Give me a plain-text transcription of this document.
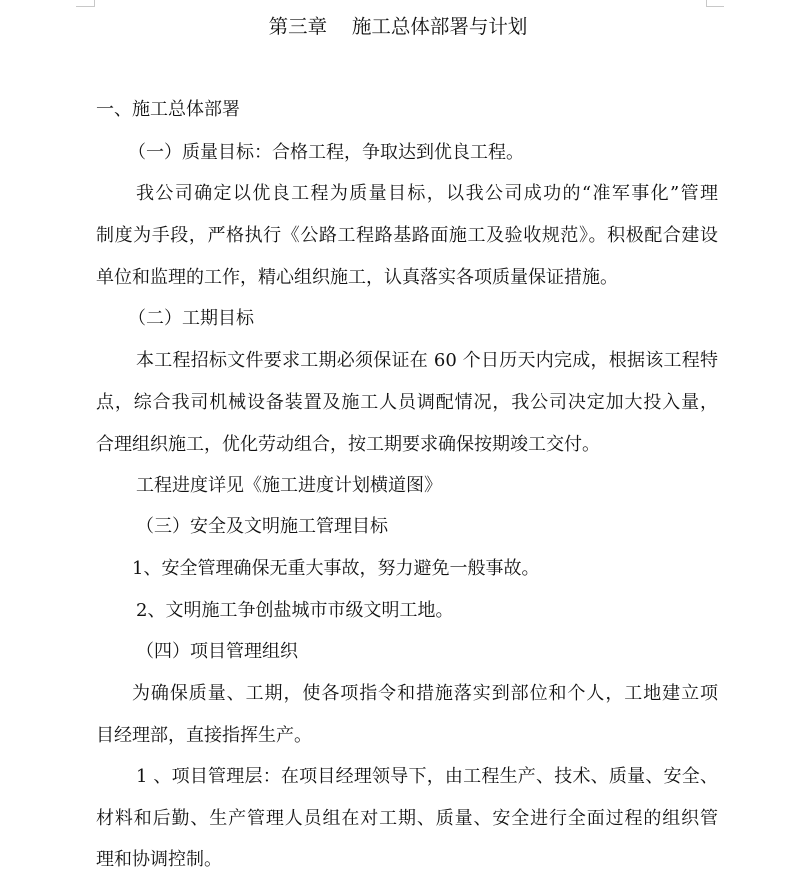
第三章    施工总体部署与计划
一、施工总体部署
（一）质量目标：合格工程，争取达到优良工程。
我公司确定以优良工程为质量目标，以我公司成功的“准军事化”管理
制度为手段，严格执行《公路工程路基路面施工及验收规范》。积极配合建设
单位和监理的工作，精心组织施工，认真落实各项质量保证措施。
（二）工期目标
本工程招标文件要求工期必须保证在 60 个日历天内完成，根据该工程特
点，综合我司机械设备装置及施工人员调配情况，我公司决定加大投入量，
合理组织施工，优化劳动组合，按工期要求确保按期竣工交付。
工程进度详见《施工进度计划横道图》
（三）安全及文明施工管理目标
1、安全管理确保无重大事故，努力避免一般事故。
2、文明施工争创盐城市市级文明工地。
（四）项目管理组织
为确保质量、工期，使各项指令和措施落实到部位和个人，工地建立项
目经理部，直接指挥生产。
1 、项目管理层：在项目经理领导下，由工程生产、技术、质量、安全、
材料和后勤、生产管理人员组在对工期、质量、安全进行全面过程的组织管
理和协调控制。
